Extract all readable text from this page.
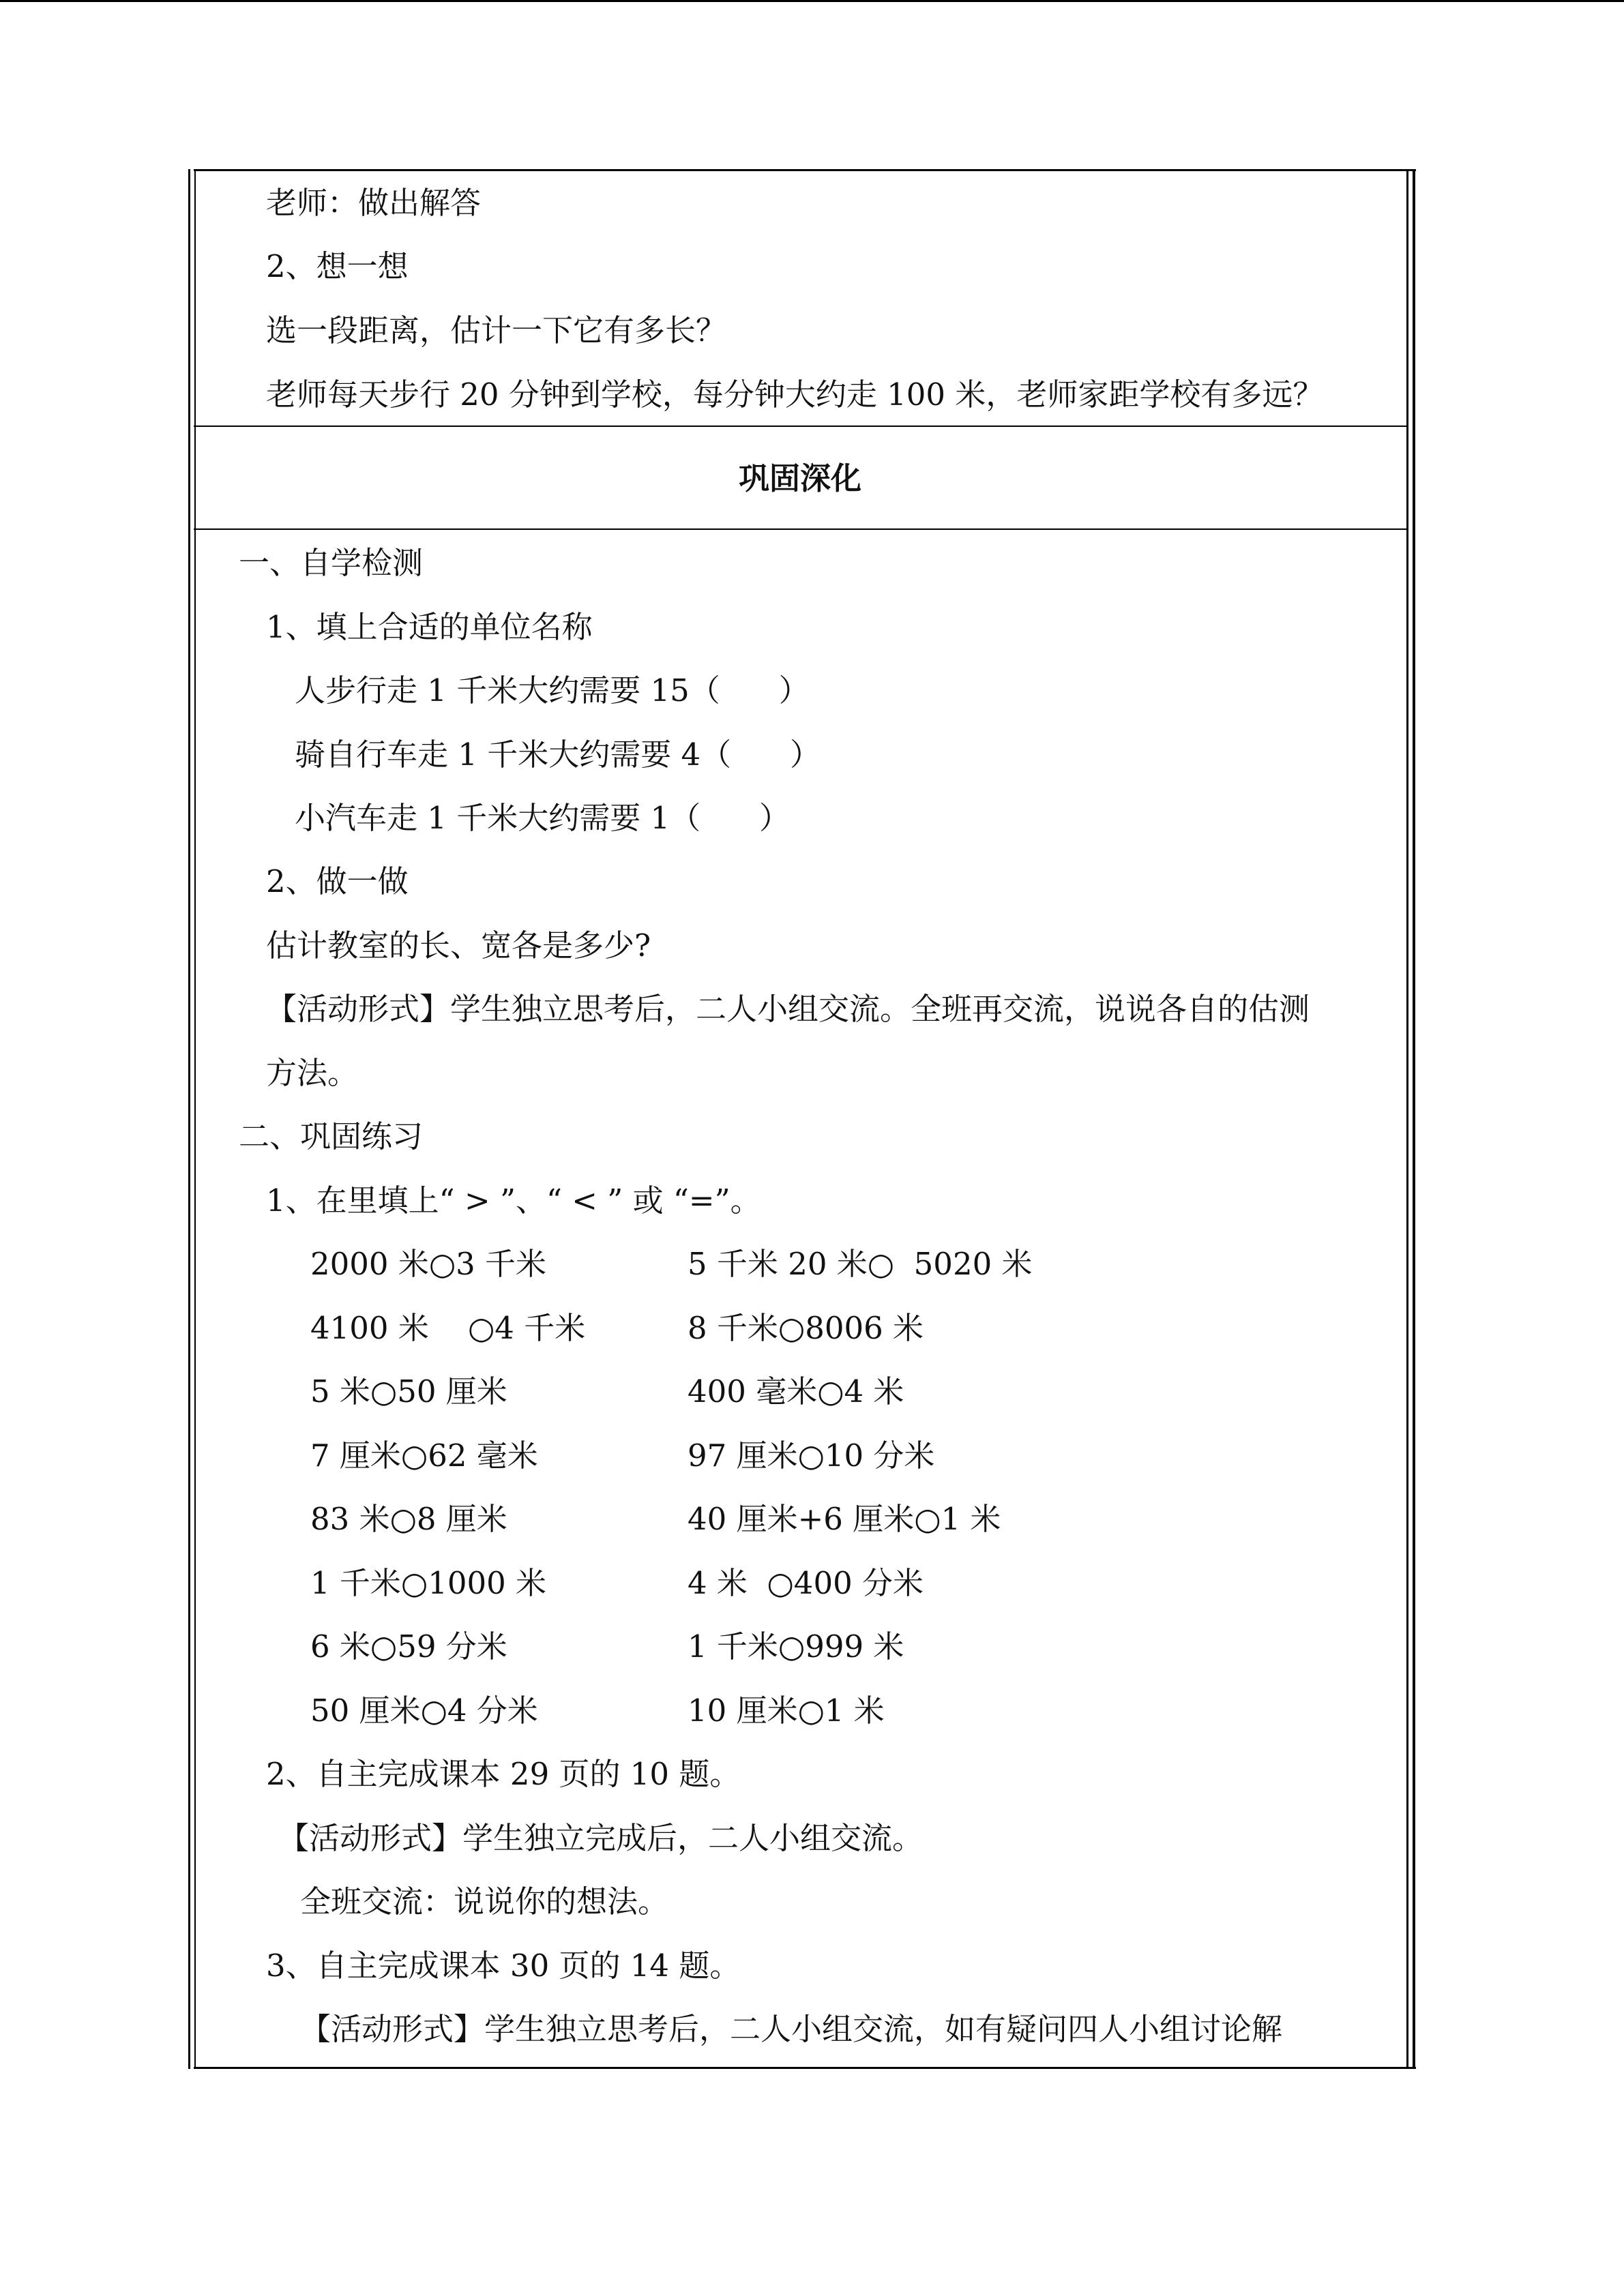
老师：做出解答
2、想一想
选一段距离，估计一下它有多长？
老师每天步行 20 分钟到学校，每分钟大约走 100 米，老师家距学校有多远？
巩固深化
一、自学检测
1、填上合适的单位名称
人步行走 1 千米大约需要 15（      ）
骑自行车走 1 千米大约需要 4（      ）
小汽车走 1 千米大约需要 1（      ）
2、做一做
估计教室的长、宽各是多少?
【活动形式】学生独立思考后，二人小组交流。全班再交流，说说各自的估测
方法。
二、巩固练习
1、在里填上“ > ”、“ < ” 或 “=”。
2000 米○3 千米	5 千米 20 米○  5020 米
4100 米    ○4 千米	8 千米○8006 米
5 米○50 厘米	400 毫米○4 米
7 厘米○62 毫米	97 厘米○10 分米
83 米○8 厘米	40 厘米+6 厘米○1 米
1 千米○1000 米	4 米  ○400 分米
6 米○59 分米	1 千米○999 米
50 厘米○4 分米	10 厘米○1 米
2、自主完成课本 29 页的 10 题。
【活动形式】学生独立完成后，二人小组交流。
全班交流：说说你的想法。
3、自主完成课本 30 页的 14 题。
【活动形式】学生独立思考后，二人小组交流，如有疑问四人小组讨论解
